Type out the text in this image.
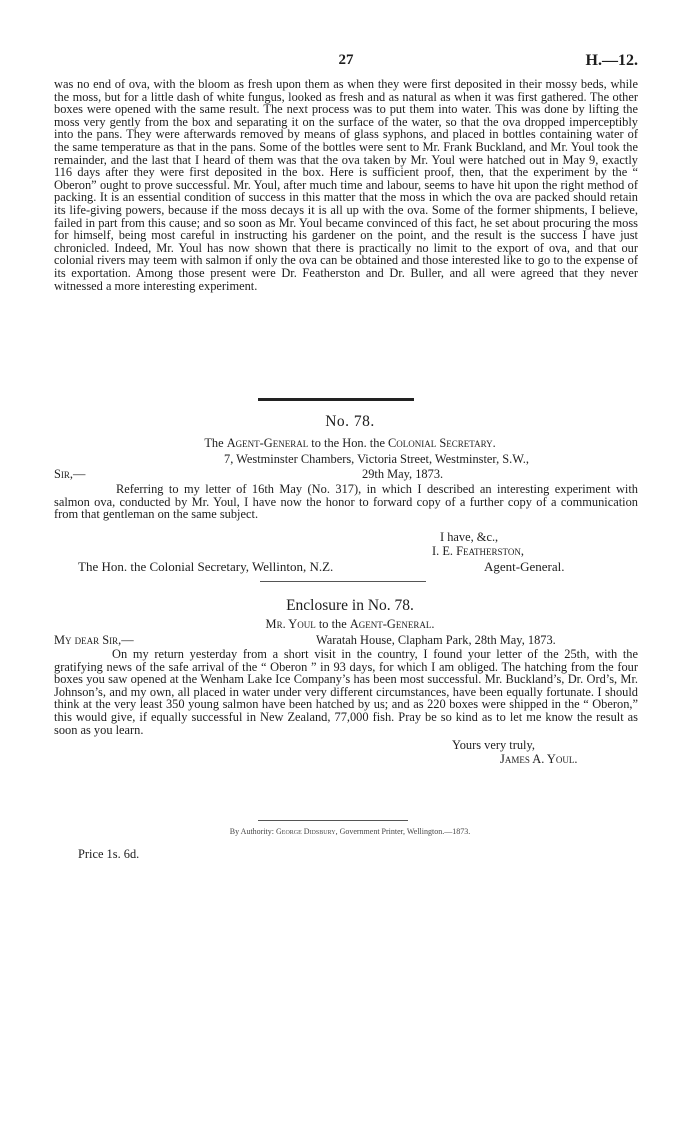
27	H.—12.

was no end of ova, with the bloom as fresh upon them as when they were first deposited in their mossy beds, while the moss, but for a little dash of white fungus, looked as fresh and as natural as when it was first gathered. The other boxes were opened with the same result. The next process was to put them into water. This was done by lifting the moss very gently from the box and separating it on the surface of the water, so that the ova dropped imperceptibly into the pans. They were afterwards removed by means of glass syphons, and placed in bottles containing water of the same temperature as that in the pans. Some of the bottles were sent to Mr. Frank Buckland, and Mr. Youl took the remainder, and the last that I heard of them was that the ova taken by Mr. Youl were hatched out in May 9, exactly 116 days after they were first deposited in the box. Here is sufficient proof, then, that the experiment by the “ Oberon” ought to prove successful. Mr. Youl, after much time and labour, seems to have hit upon the right method of packing. It is an essential condition of success in this matter that the moss in which the ova are packed should retain its life-giving powers, because if the moss decays it is all up with the ova. Some of the former shipments, I believe, failed in part from this cause; and so soon as Mr. Youl became convinced of this fact, he set about procuring the moss for himself, being most careful in instructing his gardener on the point, and the result is the success I have just chronicled. Indeed, Mr. Youl has now shown that there is practically no limit to the export of ova, and that our colonial rivers may teem with salmon if only the ova can be obtained and those interested like to go to the expense of its exportation. Among those present were Dr. Featherston and Dr. Buller, and all were agreed that they never witnessed a more interesting experiment.

No. 78.
The Agent-General to the Hon. the Colonial Secretary.
7, Westminster Chambers, Victoria Street, Westminster, S.W.,
Sir,—	29th May, 1873.

Referring to my letter of 16th May (No. 317), in which I described an interesting experiment with salmon ova, conducted by Mr. Youl, I have now the honor to forward copy of a further copy of a communication from that gentleman on the same subject.

I have, &c.,
I. E. Featherston,
The Hon. the Colonial Secretary, Wellinton, N.Z.	Agent-General.
Enclosure in No. 78.
Mr. Youl to the Agent-General.
My dear Sir,—	Waratah House, Clapham Park, 28th May, 1873.

On my return yesterday from a short visit in the country, I found your letter of the 25th, with the gratifying news of the safe arrival of the “ Oberon ” in 93 days, for which I am obliged. The hatching from the four boxes you saw opened at the Wenham Lake Ice Company’s has been most successful. Mr. Buckland’s, Dr. Ord’s, Mr. Johnson’s, and my own, all placed in water under very different circumstances, have been equally fortunate. I should think at the very least 350 young salmon have been hatched by us; and as 220 boxes were shipped in the “ Oberon,” this would give, if equally successful in New Zealand, 77,000 fish. Pray be so kind as to let me know the result as soon as you learn.

Yours very truly,
James A. Youl.
By Authority: George Didsbury, Government Printer, Wellington.—1873.
Price 1s. 6d.
